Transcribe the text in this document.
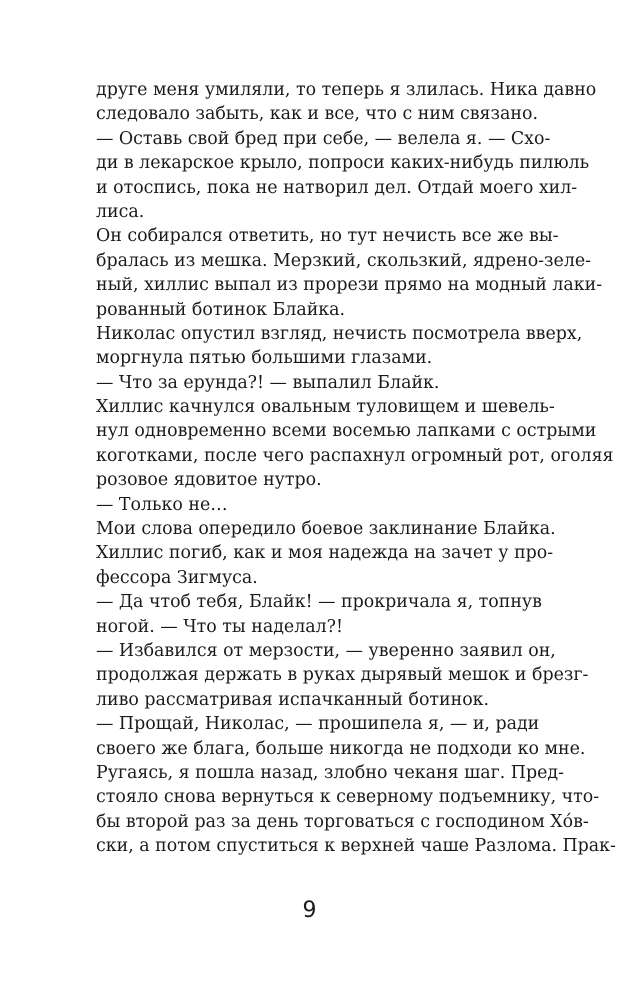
друге меня умиляли, то теперь я злилась. Ника давно
следовало забыть, как и все, что с ним связано.
— Оставь свой бред при себе, — велела я. — Схо-
ди в лекарское крыло, попроси каких-нибудь пилюль
и отоспись, пока не натворил дел. Отдай моего хил-
лиса.
Он собирался ответить, но тут нечисть все же вы-
бралась из мешка. Мерзкий, скользкий, ядрено-зеле-
ный, хиллис выпал из прорези прямо на модный лаки-
рованный ботинок Блайка.
Николас опустил взгляд, нечисть посмотрела вверх,
моргнула пятью большими глазами.
— Что за ерунда?! — выпалил Блайк.
Хиллис качнулся овальным туловищем и шевель-
нул одновременно всеми восемью лапками с острыми
коготками, после чего распахнул огромный рот, оголяя
розовое ядовитое нутро.
— Только не…
Мои слова опередило боевое заклинание Блайка.
Хиллис погиб, как и моя надежда на зачет у про-
фессора Зигмуса.
— Да чтоб тебя, Блайк! — прокричала я, топнув
ногой. — Что ты наделал?!
— Избавился от мерзости, — уверенно заявил он,
продолжая держать в руках дырявый мешок и брезг-
ливо рассматривая испачканный ботинок.
— Прощай, Николас, — прошипела я, — и, ради
своего же блага, больше никогда не подходи ко мне.
Ругаясь, я пошла назад, злобно чеканя шаг. Пред-
стояло снова вернуться к северному подъемнику, что-
бы второй раз за день торговаться с господином Хóв-
ски, а потом спуститься к верхней чаше Разлома. Прак-
9
